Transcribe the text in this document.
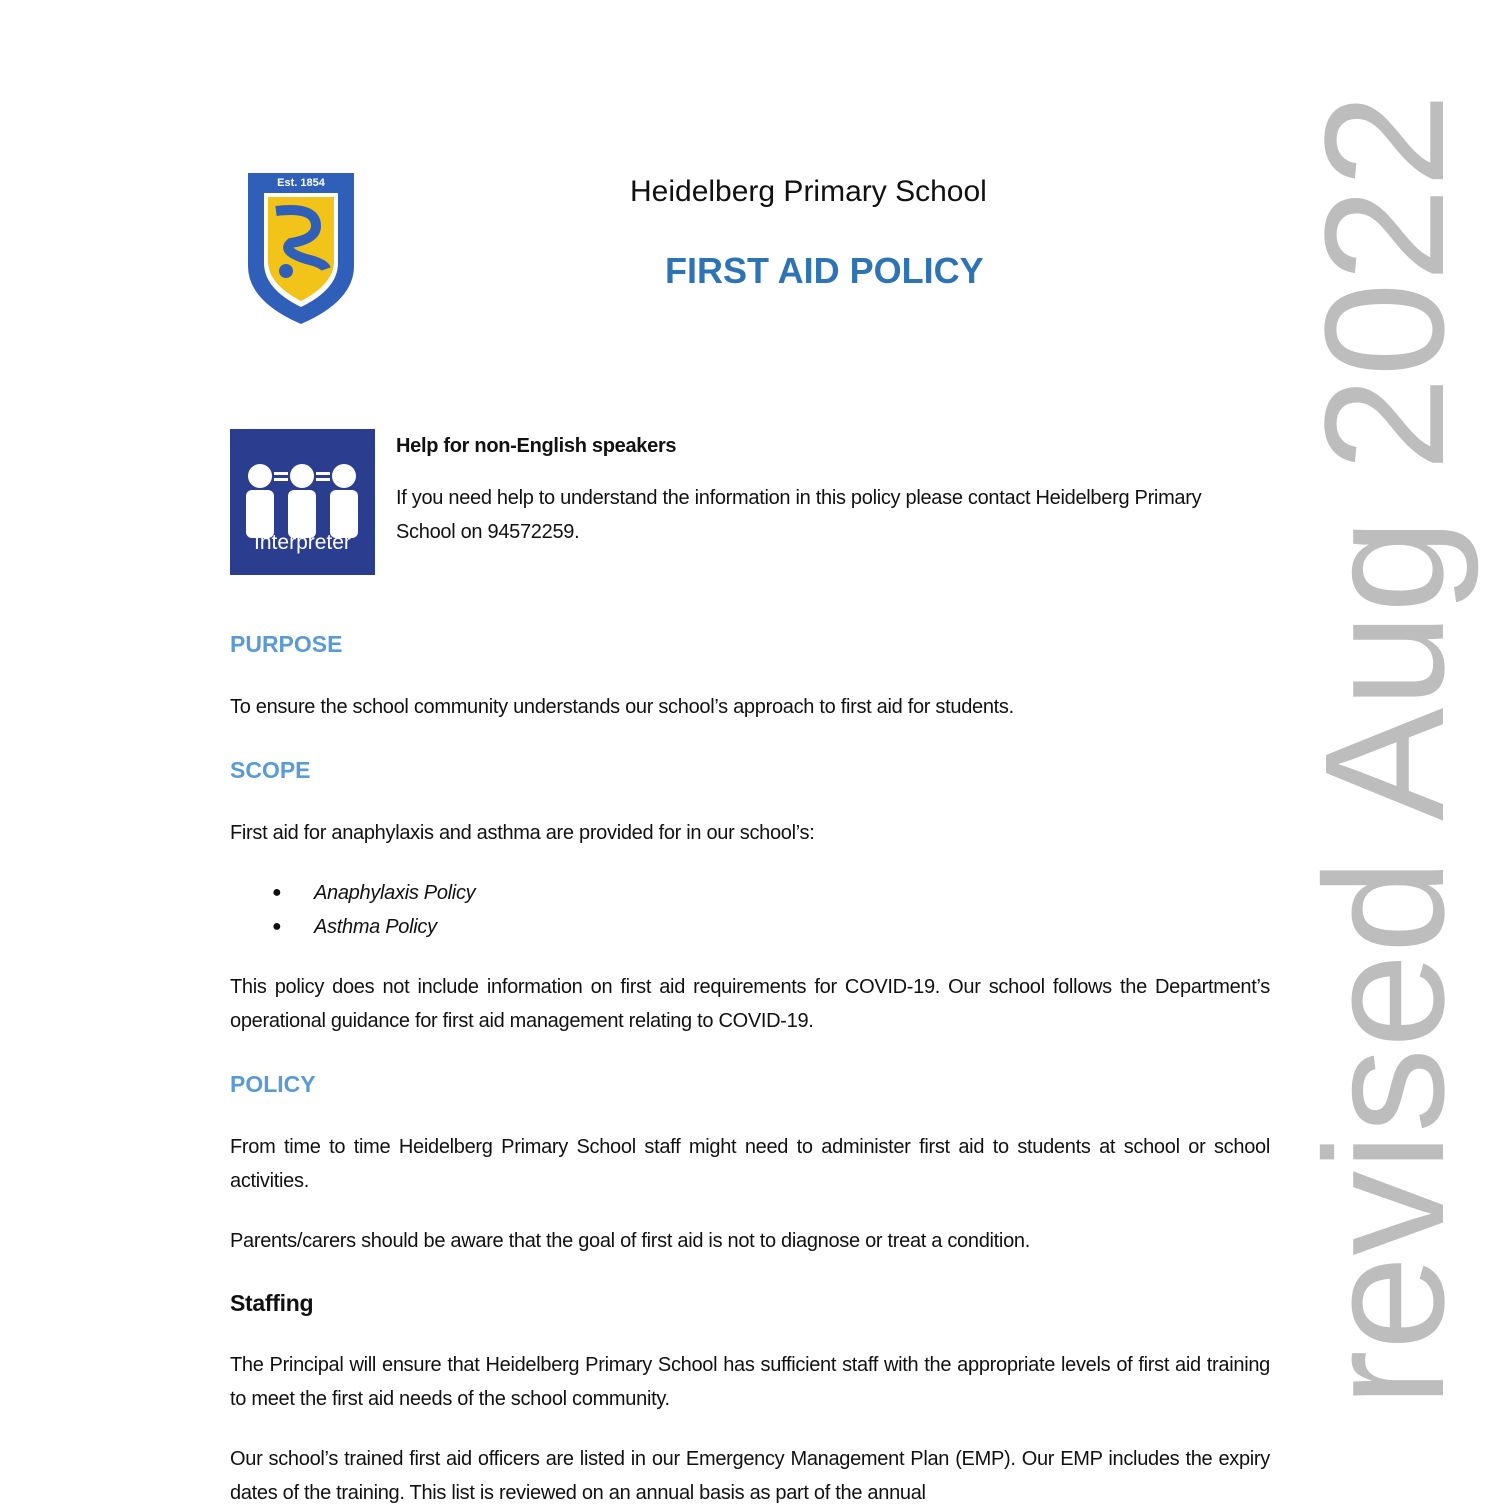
Est. 1854	Heidelberg Primary School
FIRST AID POLICY
Interpreter
Help for non-English speakers
If you need help to understand the information in this policy please contact Heidelberg Primary School on 94572259.
PURPOSE
To ensure the school community understands our school’s approach to first aid for students.
SCOPE
First aid for anaphylaxis and asthma are provided for in our school’s:
● Anaphylaxis Policy
● Asthma Policy
This policy does not include information on first aid requirements for COVID-19. Our school follows the Department’s operational guidance for first aid management relating to COVID-19.
POLICY
From time to time Heidelberg Primary School staff might need to administer first aid to students at school or school activities.
Parents/carers should be aware that the goal of first aid is not to diagnose or treat a condition.
Staffing
The Principal will ensure that Heidelberg Primary School has sufficient staff with the appropriate levels of first aid training to meet the first aid needs of the school community.
Our school’s trained first aid officers are listed in our Emergency Management Plan (EMP). Our EMP includes the expiry dates of the training. This list is reviewed on an annual basis as part of the annual
revised Aug 2022
